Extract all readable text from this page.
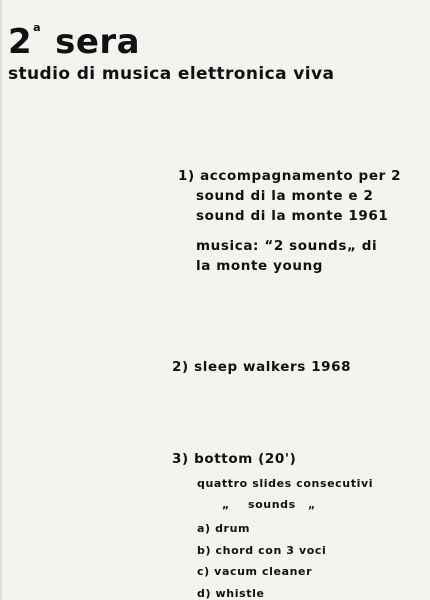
2a sera
studio di musica elettronica viva
1) accompagnamento per 2
sound di la monte e 2
sound di la monte 1961
musica: “2 sounds„ di
la monte young
2) sleep walkers 1968
3) bottom (20')
quattro slides consecutivi
„ sounds „
a) drum
b) chord con 3 voci
c) vacum cleaner
d) whistle
